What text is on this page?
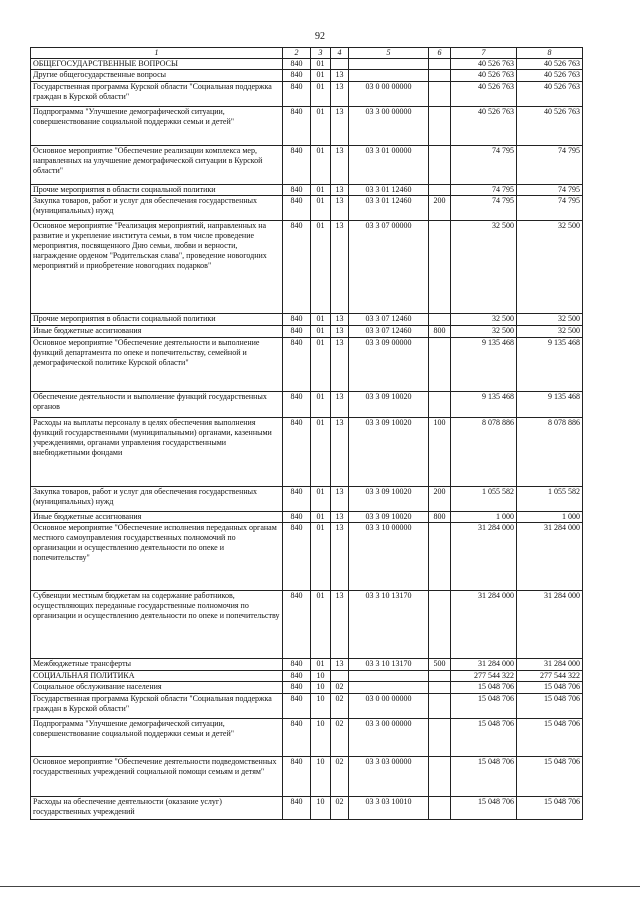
92
1	2	3	4	5	6	7	8
ОБЩЕГОСУДАРСТВЕННЫЕ ВОПРОСЫ	840	01				40 526 763	40 526 763
Другие общегосударственные вопросы	840	01	13			40 526 763	40 526 763
Государственная программа Курской области "Социальная поддержка граждан в Курской области"	840	01	13	03 0 00 00000		40 526 763	40 526 763
Подпрограмма "Улучшение демографической ситуации, совершенствование социальной поддержки семьи и детей"	840	01	13	03 3 00 00000		40 526 763	40 526 763
Основное мероприятие "Обеспечение реализации комплекса мер, направленных на улучшение демографической ситуации в Курской области"	840	01	13	03 3 01 00000		74 795	74 795
Прочие мероприятия в области социальной политики	840	01	13	03 3 01 12460		74 795	74 795
Закупка товаров, работ и услуг для обеспечения государственных (муниципальных) нужд	840	01	13	03 3 01 12460	200	74 795	74 795
Основное мероприятие "Реализация мероприятий, направленных на развитие и укрепление института семьи, в том числе проведение мероприятия, посвященного Дню семьи, любви и верности, награждение орденом "Родительская слава", проведение новогодних мероприятий и приобретение новогодних подарков"	840	01	13	03 3 07 00000		32 500	32 500
Прочие мероприятия в области социальной политики	840	01	13	03 3 07 12460		32 500	32 500
Иные бюджетные ассигнования	840	01	13	03 3 07 12460	800	32 500	32 500
Основное мероприятие "Обеспечение деятельности и выполнение функций департамента по опеке и попечительству, семейной и демографической политике Курской области"	840	01	13	03 3 09 00000		9 135 468	9 135 468
Обеспечение деятельности и выполнение функций государственных органов	840	01	13	03 3 09 10020		9 135 468	9 135 468
Расходы на выплаты персоналу в целях обеспечения выполнения функций государственными (муниципальными) органами, казенными учреждениями, органами управления государственными внебюджетными фондами	840	01	13	03 3 09 10020	100	8 078 886	8 078 886
Закупка товаров, работ и услуг для обеспечения государственных (муниципальных) нужд	840	01	13	03 3 09 10020	200	1 055 582	1 055 582
Иные бюджетные ассигнования	840	01	13	03 3 09 10020	800	1 000	1 000
Основное мероприятие "Обеспечение исполнения переданных органам местного самоуправления государственных полномочий по организации и осуществлению деятельности по опеке и попечительству"	840	01	13	03 3 10 00000		31 284 000	31 284 000
Субвенции местным бюджетам на содержание работников, осуществляющих переданные государственные полномочия по организации и осуществлению деятельности по опеке и попечительству	840	01	13	03 3 10 13170		31 284 000	31 284 000
Межбюджетные трансферты	840	01	13	03 3 10 13170	500	31 284 000	31 284 000
СОЦИАЛЬНАЯ ПОЛИТИКА	840	10				277 544 322	277 544 322
Социальное обслуживание населения	840	10	02			15 048 706	15 048 706
Государственная программа Курской области "Социальная поддержка граждан в Курской области"	840	10	02	03 0 00 00000		15 048 706	15 048 706
Подпрограмма "Улучшение демографической ситуации, совершенствование социальной поддержки семьи и детей"	840	10	02	03 3 00 00000		15 048 706	15 048 706
Основное мероприятие "Обеспечение деятельности подведомственных государственных учреждений социальной помощи семьям и детям"	840	10	02	03 3 03 00000		15 048 706	15 048 706
Расходы на обеспечение деятельности (оказание услуг) государственных учреждений	840	10	02	03 3 03 10010		15 048 706	15 048 706
